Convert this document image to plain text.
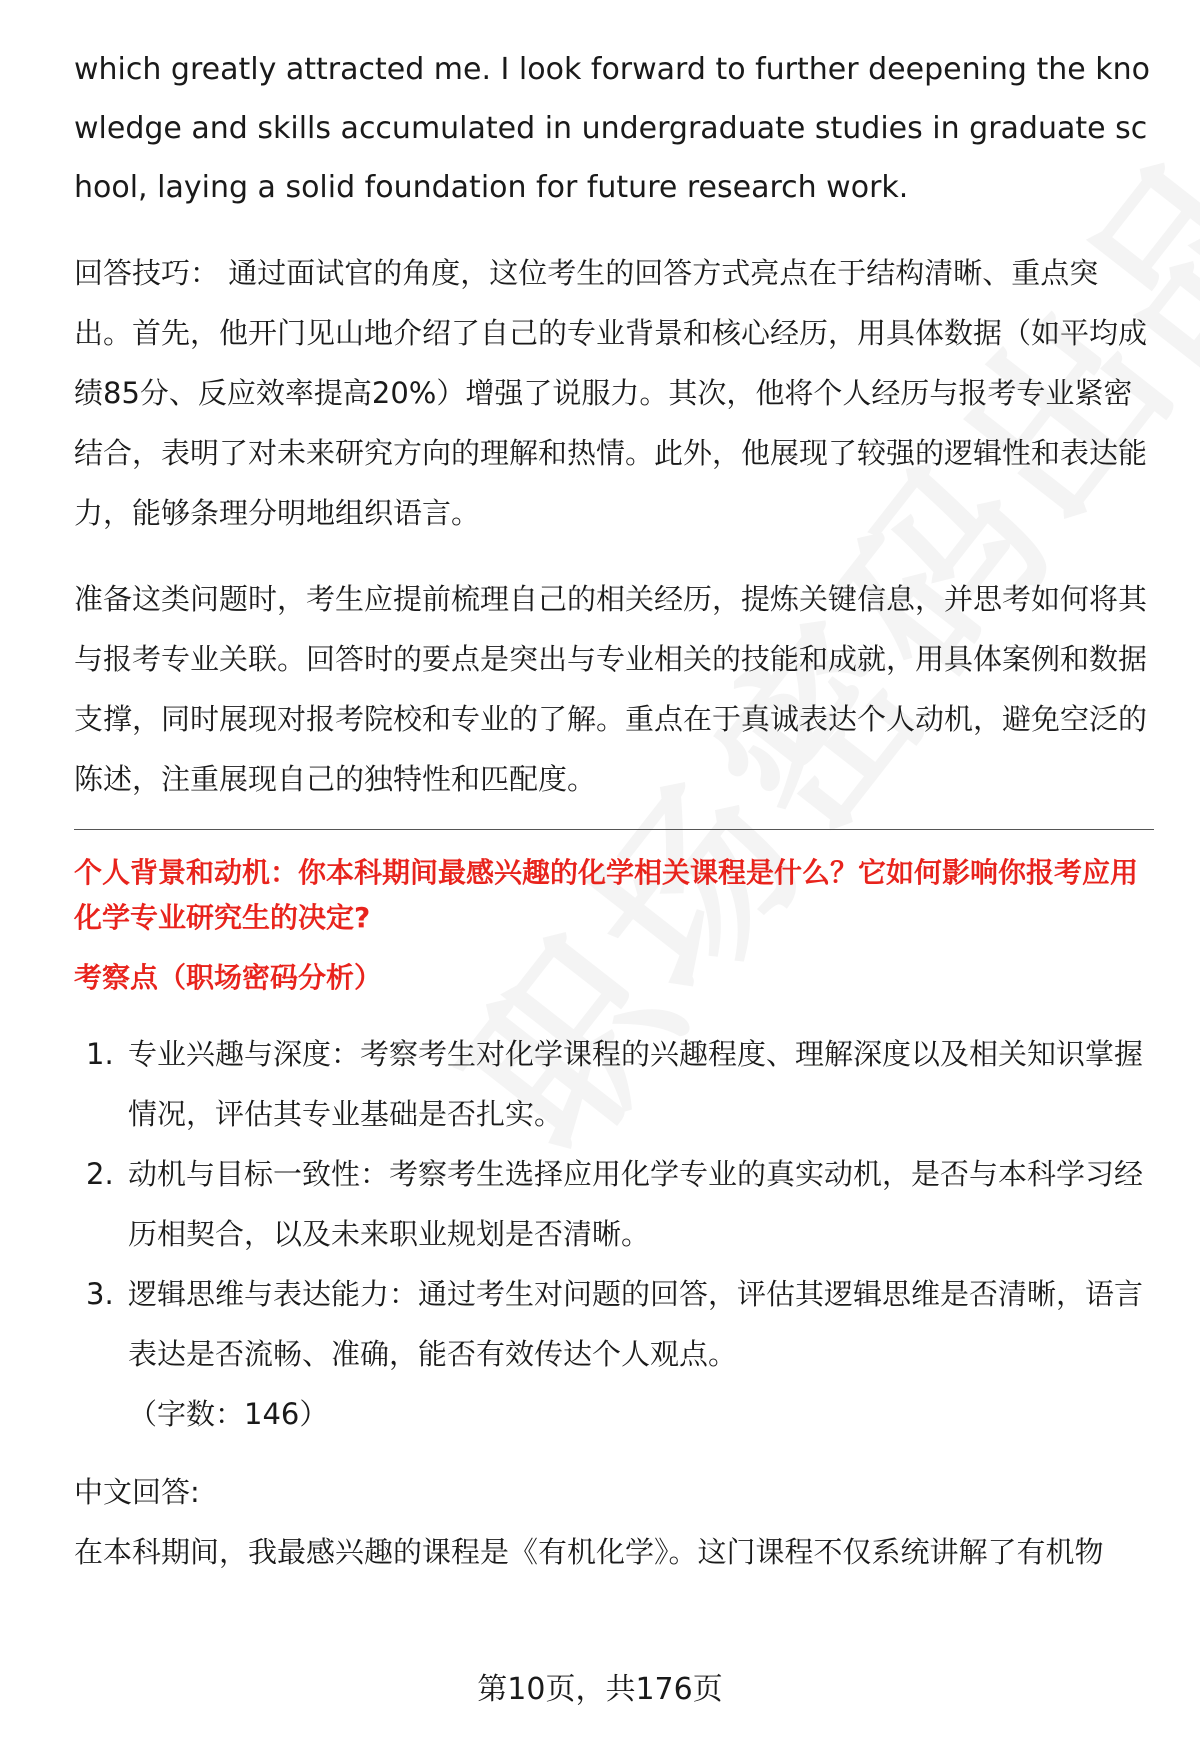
which greatly attracted me. I look forward to further deepening the knowledge and skills accumulated in undergraduate studies in graduate school, laying a solid foundation for future research work.

回答技巧： 通过面试官的角度，这位考生的回答方式亮点在于结构清晰、重点突出。首先，他开门见山地介绍了自己的专业背景和核心经历，用具体数据（如平均成绩85分、反应效率提高20%）增强了说服力。其次，他将个人经历与报考专业紧密结合，表明了对未来研究方向的理解和热情。此外，他展现了较强的逻辑性和表达能力，能够条理分明地组织语言。

准备这类问题时，考生应提前梳理自己的相关经历，提炼关键信息，并思考如何将其与报考专业关联。回答时的要点是突出与专业相关的技能和成就，用具体案例和数据支撑，同时展现对报考院校和专业的了解。重点在于真诚表达个人动机，避免空泛的陈述，注重展现自己的独特性和匹配度。

个人背景和动机：你本科期间最感兴趣的化学相关课程是什么？它如何影响你报考应用化学专业研究生的决定?

考察点（职场密码分析）

1. 专业兴趣与深度：考察考生对化学课程的兴趣程度、理解深度以及相关知识掌握情况，评估其专业基础是否扎实。
2. 动机与目标一致性：考察考生选择应用化学专业的真实动机，是否与本科学习经历相契合，以及未来职业规划是否清晰。
3. 逻辑思维与表达能力：通过考生对问题的回答，评估其逻辑思维是否清晰，语言表达是否流畅、准确，能否有效传达个人观点。
（字数：146）

中文回答:

在本科期间，我最感兴趣的课程是《有机化学》。这门课程不仅系统讲解了有机物

第10页，共176页
